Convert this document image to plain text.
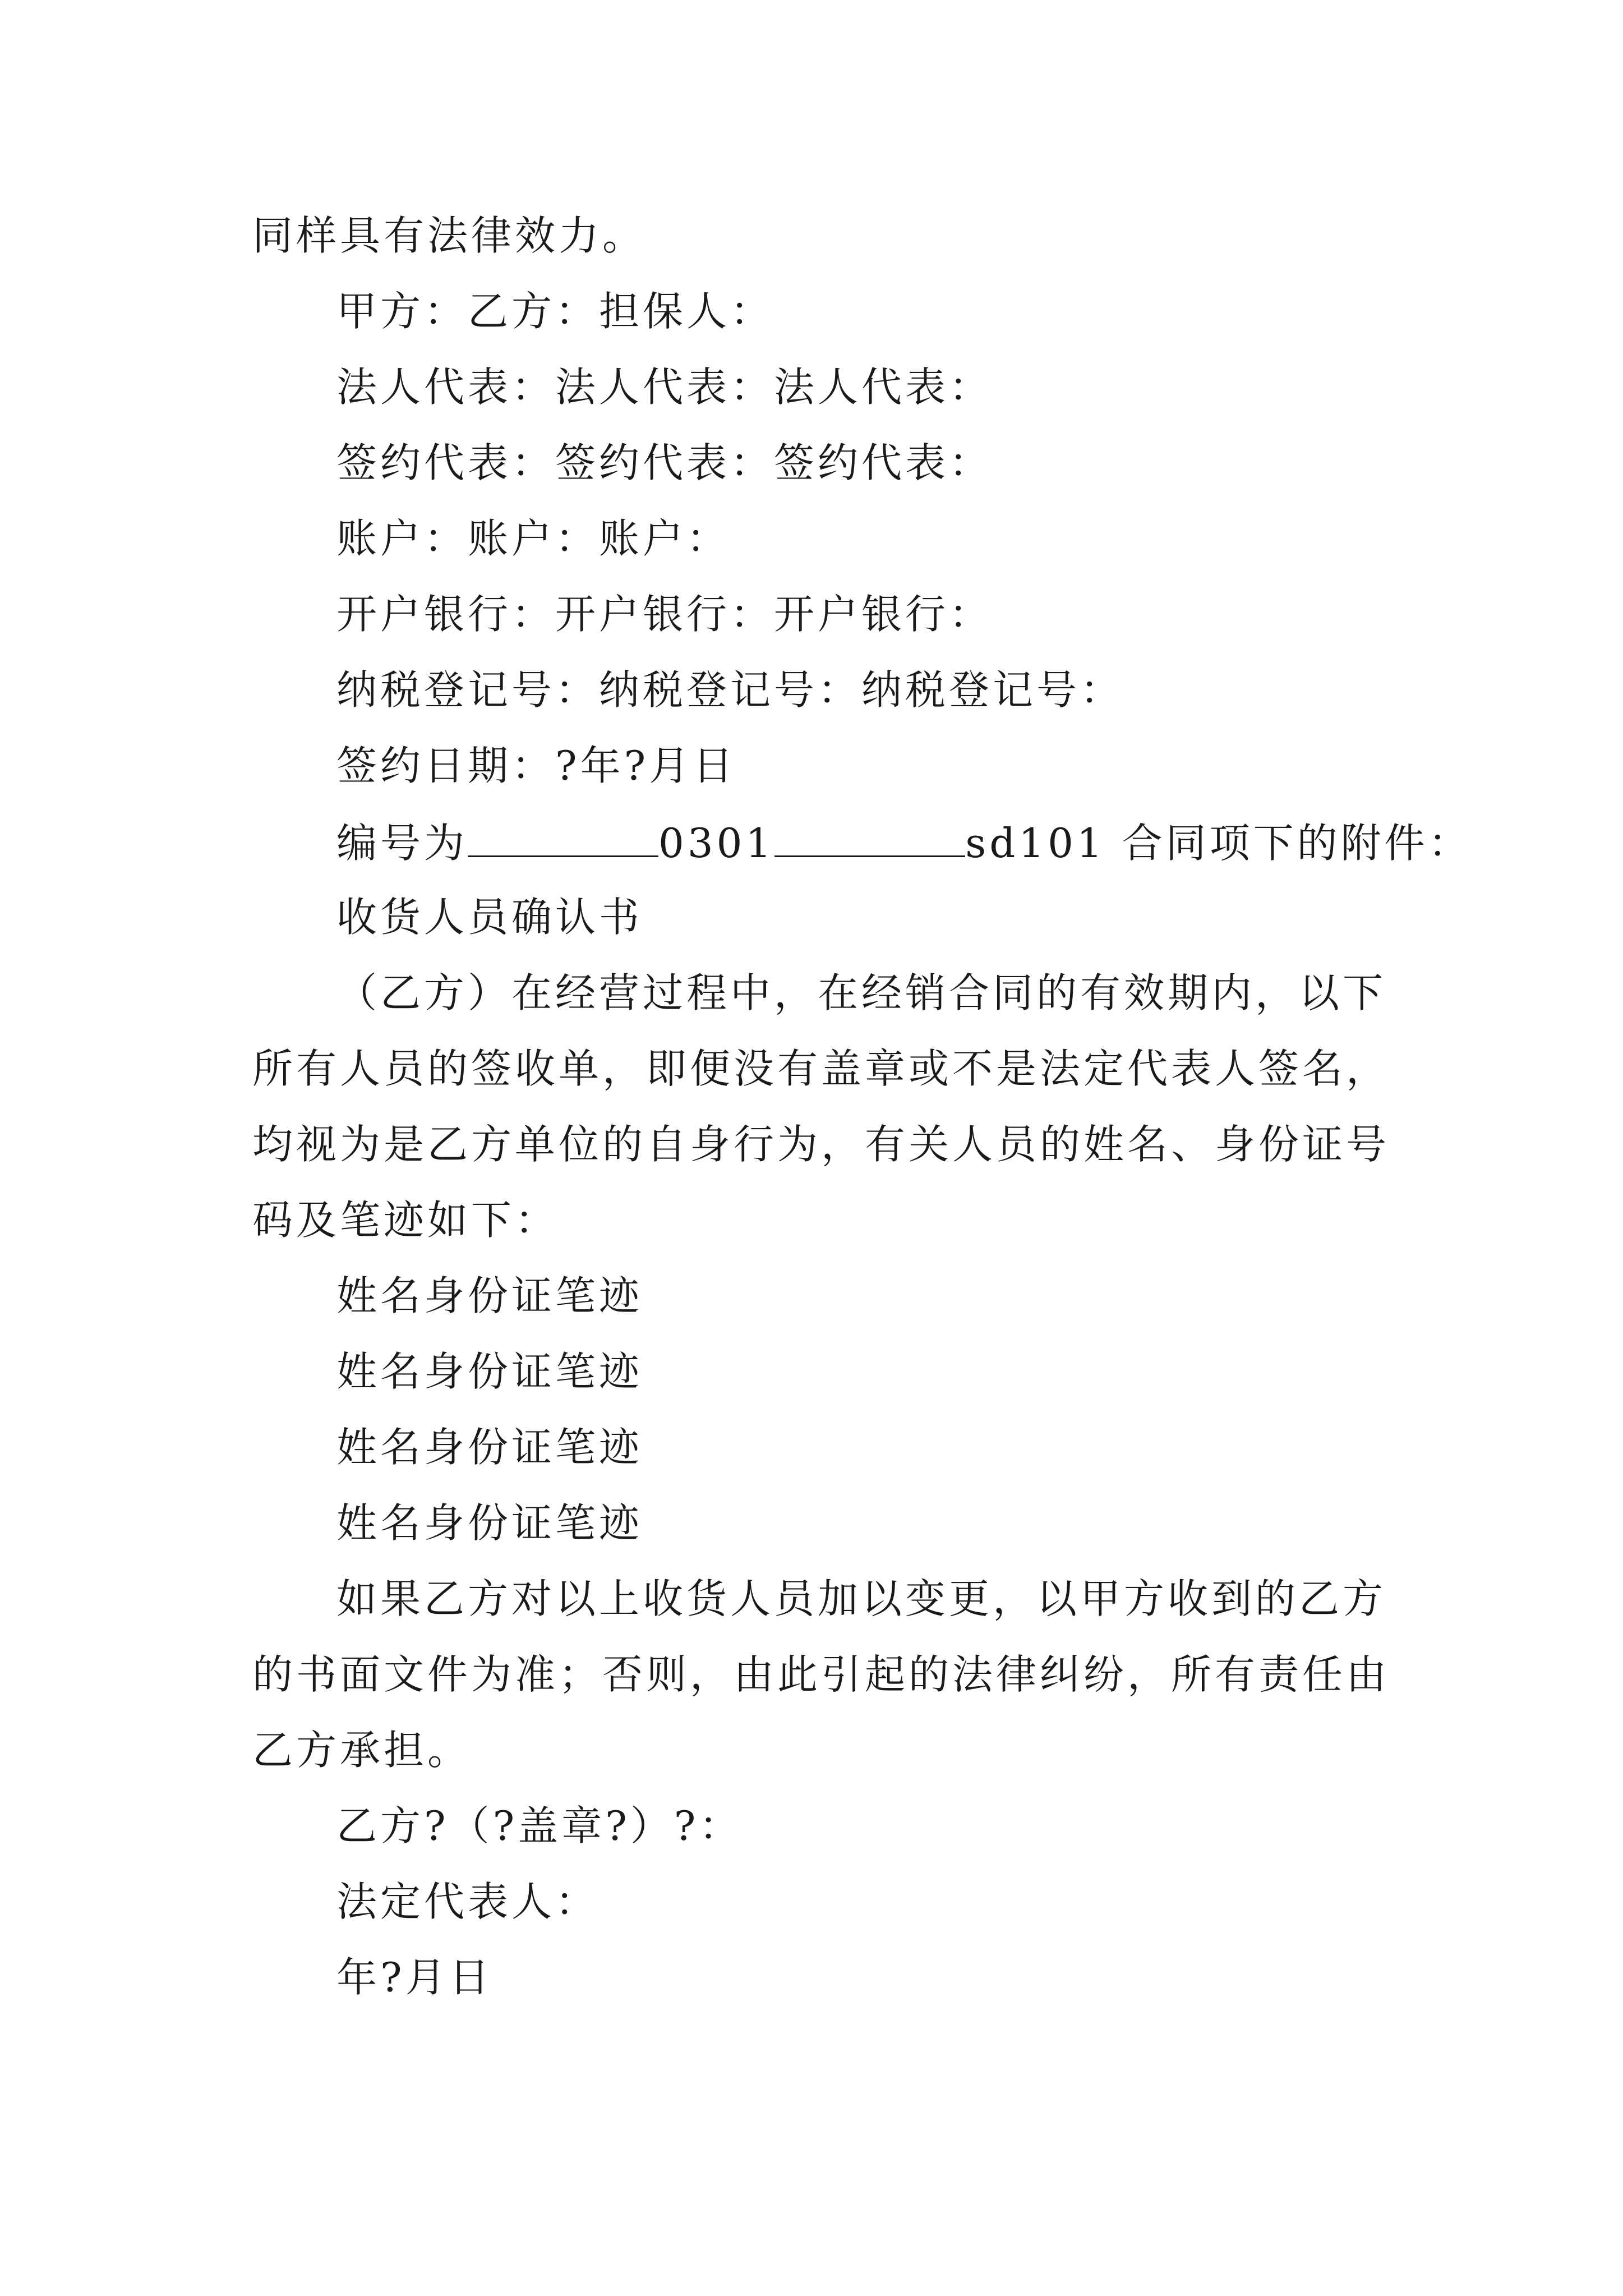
同样具有法律效力。
甲方：乙方：担保人：
法人代表：法人代表：法人代表：
签约代表：签约代表：签约代表：
账户：账户：账户：
开户银行：开户银行：开户银行：
纳税登记号：纳税登记号：纳税登记号：
签约日期：?年?月日
编号为	0301	sd101 合同项下的附件：
收货人员确认书
（乙方）在经营过程中，在经销合同的有效期内，以下
所有人员的签收单，即便没有盖章或不是法定代表人签名，
均视为是乙方单位的自身行为，有关人员的姓名、身份证号
码及笔迹如下：
姓名身份证笔迹
姓名身份证笔迹
姓名身份证笔迹
姓名身份证笔迹
如果乙方对以上收货人员加以变更，以甲方收到的乙方
的书面文件为准；否则，由此引起的法律纠纷，所有责任由
乙方承担。
乙方?（?盖章?）?：
法定代表人：
年?月日
